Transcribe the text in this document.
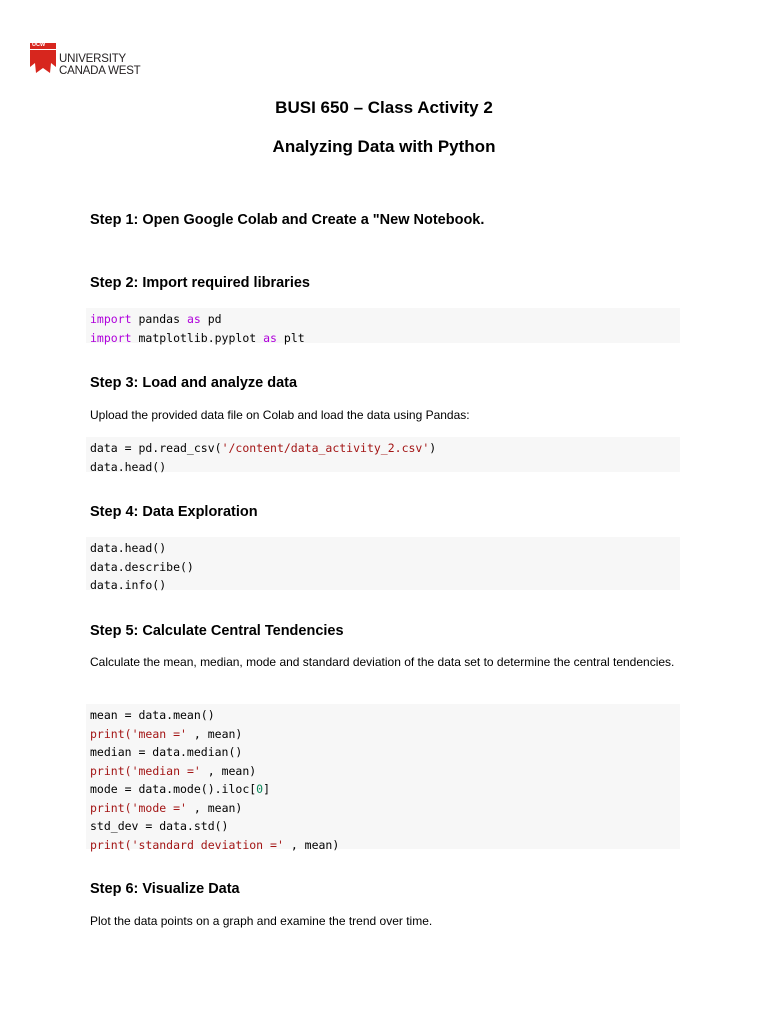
UCW
UNIVERSITY
CANADA WEST
BUSI 650 – Class Activity 2
Analyzing Data with Python
Step 1: Open Google Colab and Create a "New Notebook.
Step 2: Import required libraries
import pandas as pd
import matplotlib.pyplot as plt
Step 3: Load and analyze data
Upload the provided data file on Colab and load the data using Pandas:
data = pd.read_csv('/content/data_activity_2.csv')
data.head()
Step 4: Data Exploration
data.head()
data.describe()
data.info()
Step 5: Calculate Central Tendencies
Calculate the mean, median, mode and standard deviation of the data set to determine the central tendencies.
mean = data.mean()
print('mean =' , mean)
median = data.median()
print('median =' , mean)
mode = data.mode().iloc[0]
print('mode =' , mean)
std_dev = data.std()
print('standard deviation =' , mean)
Step 6: Visualize Data
Plot the data points on a graph and examine the trend over time.
